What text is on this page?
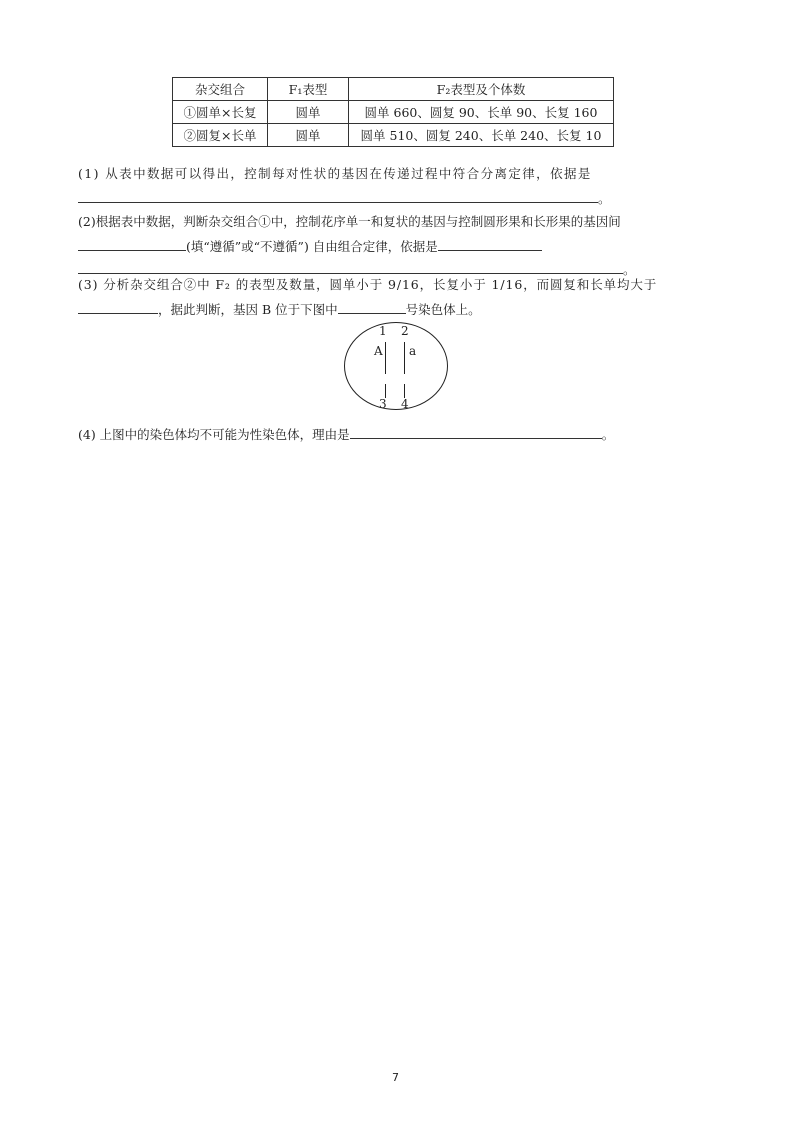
杂交组合	F₁表型	F₂表型及个体数
①圆单×长复	圆单	圆单 660、圆复 90、长单 90、长复 160
②圆复×长单	圆单	圆单 510、圆复 240、长单 240、长复 10
(1) 从表中数据可以得出，控制每对性状的基因在传递过程中符合分离定律，依据是
。
(2)根据表中数据，判断杂交组合①中，控制花序单一和复状的基因与控制圆形果和长形果的基因间
(填“遵循”或“不遵循”) 自由组合定律，依据是
。
(3) 分析杂交组合②中 F₂ 的表型及数量，圆单小于 9/16，长复小于 1/16，而圆复和长单均大于
，据此判断，基因 B 位于下图中	号染色体上。
1 2
A a
3 4
(4) 上图中的染色体均不可能为性染色体，理由是	。
7
